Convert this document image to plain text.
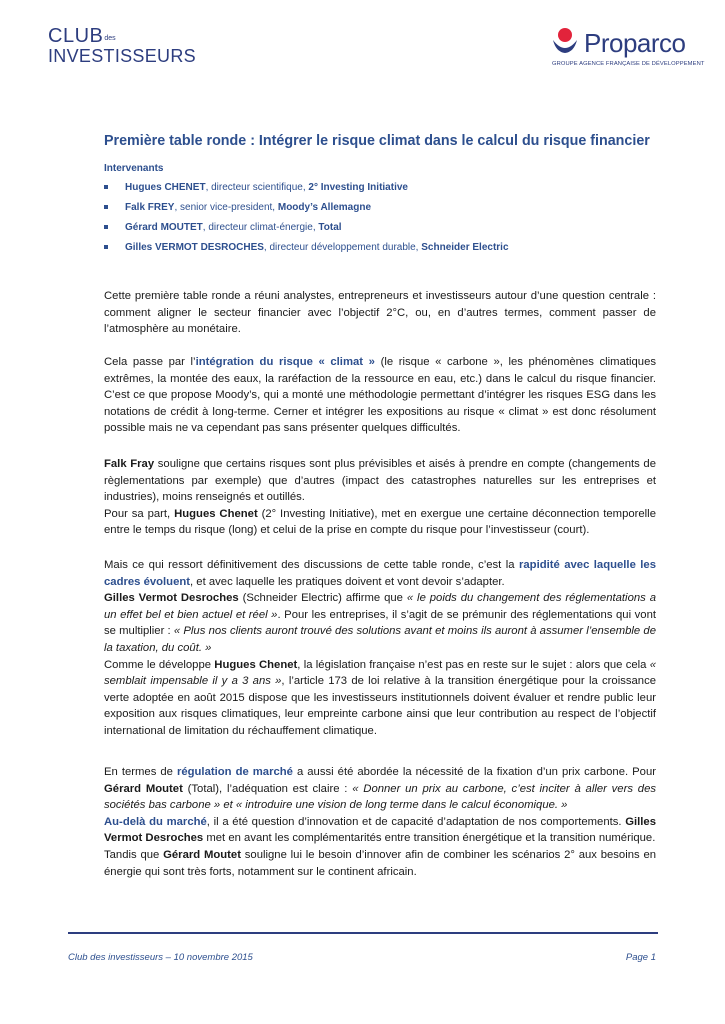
CLUBdes
INVESTISSEURS	Proparco
GROUPE AGENCE FRANÇAISE DE DÉVELOPPEMENT
Première table ronde : Intégrer le risque climat dans le calcul du risque financier
Intervenants
Hugues CHENET, directeur scientifique, 2° Investing Initiative
Falk FREY, senior vice-president, Moody’s Allemagne
Gérard MOUTET, directeur climat-énergie, Total
Gilles VERMOT DESROCHES, directeur développement durable, Schneider Electric

Cette première table ronde a réuni analystes, entrepreneurs et investisseurs autour d’une question centrale : comment aligner le secteur financier avec l’objectif 2°C, ou, en d’autres termes, comment passer de l’atmosphère au monétaire.

Cela passe par l’intégration du risque « climat » (le risque « carbone », les phénomènes climatiques extrêmes, la montée des eaux, la raréfaction de la ressource en eau, etc.) dans le calcul du risque financier. C’est ce que propose Moody’s, qui a monté une méthodologie permettant d’intégrer les risques ESG dans les notations de crédit à long-terme. Cerner et intégrer les expositions au risque « climat » est donc résolument possible mais ne va cependant pas sans présenter quelques difficultés.

Falk Fray souligne que certains risques sont plus prévisibles et aisés à prendre en compte (changements de règlementations par exemple) que d’autres (impact des catastrophes naturelles sur les entreprises et industries), moins renseignés et outillés.

Pour sa part, Hugues Chenet (2° Investing Initiative), met en exergue une certaine déconnection temporelle entre le temps du risque (long) et celui de la prise en compte du risque pour l’investisseur (court).

Mais ce qui ressort définitivement des discussions de cette table ronde, c’est la rapidité avec laquelle les cadres évoluent, et avec laquelle les pratiques doivent et vont devoir s’adapter.

Gilles Vermot Desroches (Schneider Electric) affirme que « le poids du changement des réglementations a un effet bel et bien actuel et réel ». Pour les entreprises, il s’agit de se prémunir des réglementations qui vont se multiplier : « Plus nos clients auront trouvé des solutions avant et moins ils auront à assumer l’ensemble de la taxation, du coût. »

Comme le développe Hugues Chenet, la législation française n’est pas en reste sur le sujet : alors que cela « semblait impensable il y a 3 ans », l’article 173 de loi relative à la transition énergétique pour la croissance verte adoptée en août 2015 dispose que les investisseurs institutionnels doivent évaluer et rendre public leur exposition aux risques climatiques, leur empreinte carbone ainsi que leur contribution au respect de l’objectif international de limitation du réchauffement climatique.

En termes de régulation de marché a aussi été abordée la nécessité de la fixation d’un prix carbone. Pour Gérard Moutet (Total), l’adéquation est claire : « Donner un prix au carbone, c’est inciter à aller vers des sociétés bas carbone » et « introduire une vision de long terme dans le calcul économique. »

Au-delà du marché, il a été question d’innovation et de capacité d’adaptation de nos comportements. Gilles Vermot Desroches met en avant les complémentarités entre transition énergétique et la transition numérique.

Tandis que Gérard Moutet souligne lui le besoin d’innover afin de combiner les scénarios 2° aux besoins en énergie qui sont très forts, notamment sur le continent africain.

Club des investisseurs – 10 novembre 2015	Page 1
